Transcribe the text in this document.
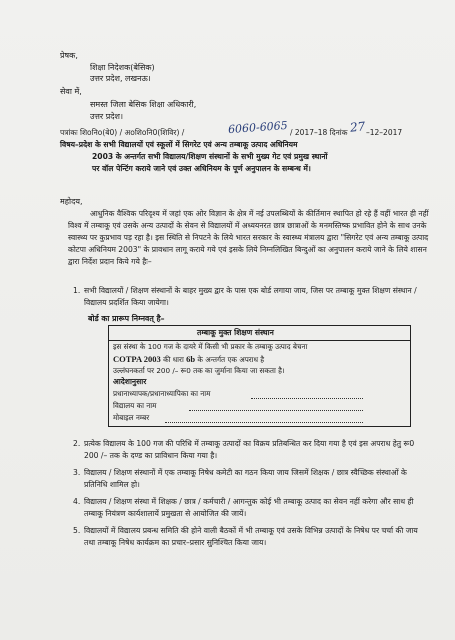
प्रेषक,
शिक्षा निदेशक(बेसिक)
उत्तर प्रदेश, लखनऊ।
सेवा में,
समस्त जिला बेसिक शिक्षा अधिकारी,
उत्तर प्रदेश।
पत्रांकः शिoनिo(बे0) / अoशिoनि0(शिविर) /	6060-6065 / 2017–18 दिनांक 27 –12–2017
विषय–प्रदेश के सभी विद्यालयों एवं स्कूलों में सिगरेट एवं अन्य तम्बाकू उत्पाद अधिनियम
2003 के अन्तर्गत सभी विद्यालय/शिक्षण संस्थानों के सभी मुख्य गेट एवं प्रमुख स्थानों
पर वॉल पेन्टिंग कराये जाने एवं उक्त अधिनियम के पूर्ण अनुपालन के सम्बन्ध में।
महोदय,
आधुनिक वैश्विक परिदृश्य में जहां एक ओर विज्ञान के क्षेत्र में नई उपलब्धियों के कीर्तिमान स्थापित हो रहे हैं वहीं भारत ही नहीं विश्व में तम्बाकू एवं उसके अन्य उत्पादों के सेवन से विद्यालयों में अध्ययनरत छात्र छात्राओं के मनमस्तिष्क प्रभावित होने के साथ उनके स्वास्थ्य पर कुप्रभाव पड़ रहा है। इस स्थिति से निपटने के लिये भारत सरकार के स्वास्थ्य मंत्रालय द्वारा "सिगरेट एवं अन्य तम्बाकू उत्पाद कोटपा अधिनियम 2003" के प्रावधान लागू कराये गये एवं इसके लिये निम्नलिखित बिन्दुओं का अनुपालन कराये जाने के लिये शासन द्वारा निर्देश प्रदान किये गये हैः–
1. सभी विद्यालयों / शिक्षण संस्थानों के बाहर मुख्य द्वार के पास एक बोर्ड लगाया जाय, जिस पर तम्बाकू मुक्त शिक्षण संस्थान / विद्यालय प्रदर्शित किया जायेगा।
बोर्ड का प्रारूप निम्नवत् है–
तम्बाकू मुक्त शिक्षण संस्थान
इस संस्था के 100 गज के दायरे में किसी भी प्रकार के तम्बाकू उत्पाद बेचना
COTPA 2003 की धारा 6b के अन्तर्गत एक अपराध है
उल्लंघनकर्ता पर 200 /– रू0 तक का जुर्माना किया जा सकता है।
आदेशानुसार
प्रधानाध्यापक/प्रधानाध्यापिका का नाम
विद्यालय का नाम
मोबाइल नम्बर
2. प्रत्येक विद्यालय के 100 गज की परिधि में तम्बाकू उत्पादों का विक्रय प्रतिबन्धित कर दिया गया है एवं इस अपराध हेतु रू0 200 /– तक के दण्ड का प्राविधान किया गया है।
3. विद्यालय / शिक्षण संस्थानों में एक तम्बाकू निषेध कमेटी का गठन किया जाय जिसमें शिक्षक / छात्र स्वैच्छिक संस्थाओं के प्रतिनिधि शामिल हो।
4. विद्यालय / शिक्षण संस्था में शिक्षक / छात्र / कर्मचारी / आगन्तुक कोई भी तम्बाकू उत्पाद का सेवन नहीं करेगा और साथ ही तम्बाकू नियंत्रण कार्यशालायें प्रमुखता से आयोजित की जायें।
5. विद्यालयों में विद्यालय प्रबन्ध समिति की होने वाली बैठकों में भी तम्बाकू एवं उसके विभिन्न उत्पादों के निषेध पर चर्चा की जाय तथा तम्बाकू निषेध कार्यक्रम का प्रचार–प्रसार सुनिश्चित किया जाय।
